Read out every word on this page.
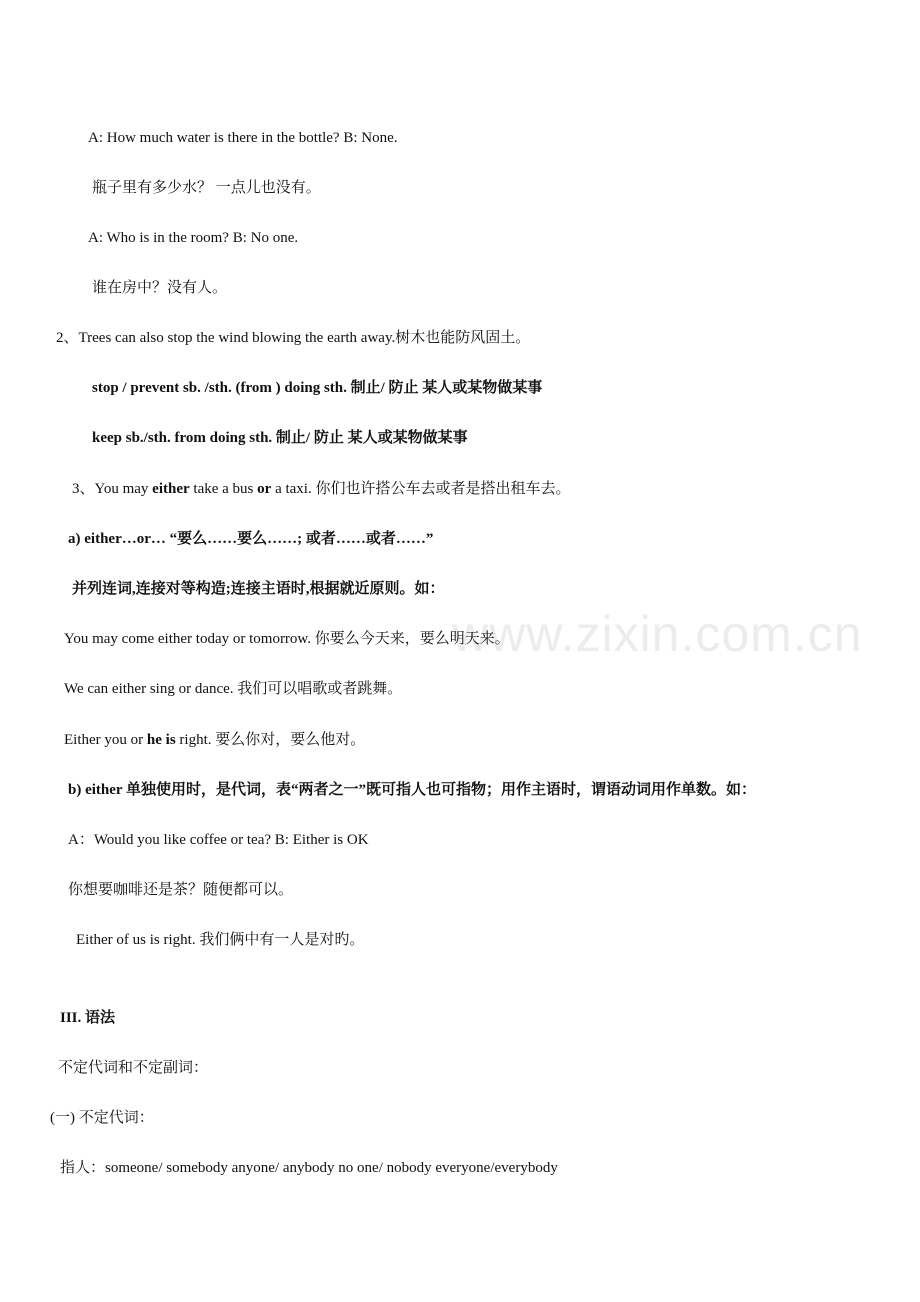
www.zixin.com.cn
A: How much water is there in the bottle? B: None.
瓶子里有多少水？ 一点儿也没有。
A: Who is in the room? B: No one.
谁在房中？没有人。
2、Trees can also stop the wind blowing the earth away.树木也能防风固土。
stop / prevent sb. /sth. (from ) doing sth. 制止/ 防止 某人或某物做某事
keep sb./sth. from doing sth. 制止/ 防止 某人或某物做某事
3、You may either take a bus or a taxi. 你们也许搭公车去或者是搭出租车去。
a) either…or… “要么……要么……; 或者……或者……”
并列连词,连接对等构造;连接主语时,根据就近原则。如：
You may come either today or tomorrow. 你要么今天来，要么明天来。
We can either sing or dance. 我们可以唱歌或者跳舞。
Either you or he is right. 要么你对，要么他对。
b) either 单独使用时，是代词，表“两者之一”既可指人也可指物；用作主语时，谓语动词用作单数。如：
A：Would you like coffee or tea? B: Either is OK
你想要咖啡还是茶？随便都可以。
Either of us is right. 我们俩中有一人是对旳。
III. 语法
不定代词和不定副词：
(一) 不定代词：
指人：someone/ somebody anyone/ anybody no one/ nobody everyone/everybody
